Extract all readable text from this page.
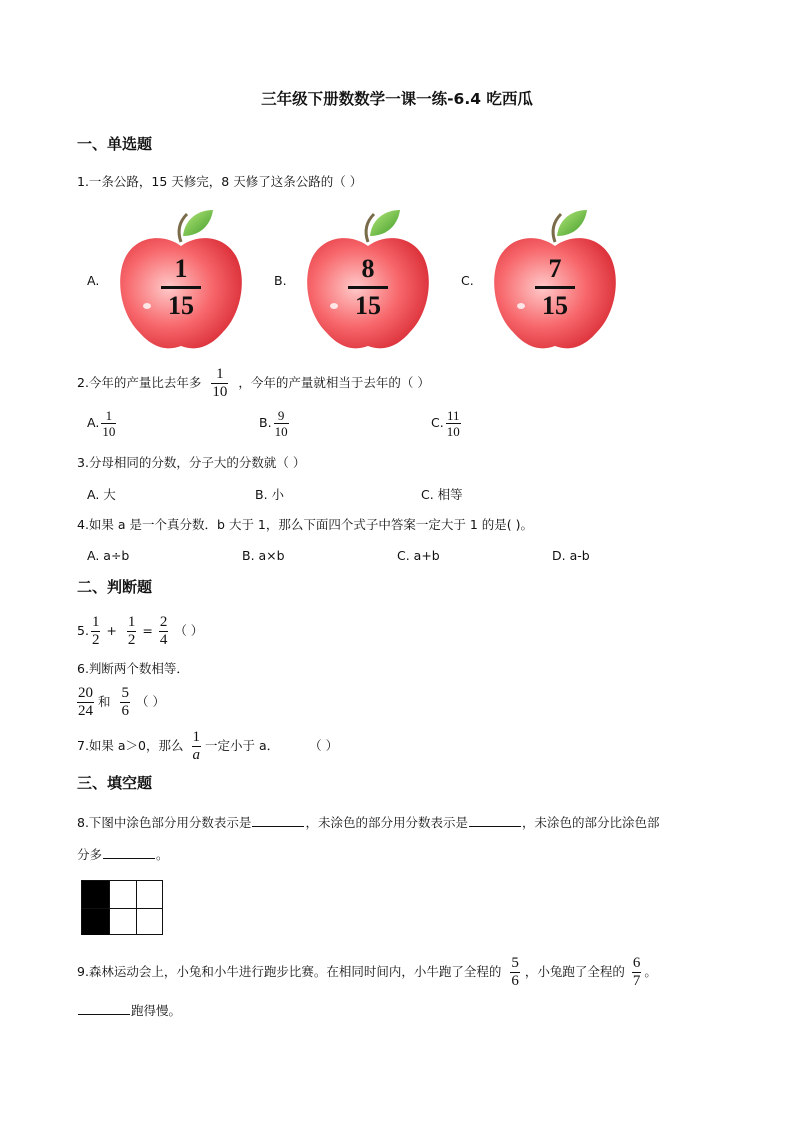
三年级下册数数学一课一练-6.4 吃西瓜
一、单选题
1.一条公路，15 天修完，8 天修了这条公路的（ ）
A.	B.	C.
$\frac{1}{15} \frac{8}{15} \frac{7}{15}$
2.今年的产量比去年多 $\frac{1}{10}$ ，今年的产量就相当于去年的（ ）
A. $\frac{1}{10}$	B. $\frac{9}{10}$	C. $\frac{11}{10}$
3.分母相同的分数，分子大的分数就（ ）
A. 大	B. 小	C. 相等
4.如果 a 是一个真分数．b 大于 1，那么下面四个式子中答案一定大于 1 的是( )。
A. a÷b	B. a×b	C. a+b	D. a-b
二、判断题
5. $\frac{1}{2} + \frac{1}{2} = \frac{2}{4}$ （ ）
6.判断两个数相等．
$\frac{20}{24}$ 和 $\frac{5}{6}$ （ ）
7.如果 a＞0，那么 $\frac{1}{a}$ 一定小于 a． （ ）
三、填空题
8.下图中涂色部分用分数表示是	，未涂色的部分用分数表示是	，未涂色的部分比涂色部
分多	。
9.森林运动会上，小兔和小牛进行跑步比赛。在相同时间内，小牛跑了全程的 $\frac{5}{6}$ ，小兔跑了全程的 $\frac{6}{7}$ 。
跑得慢。
